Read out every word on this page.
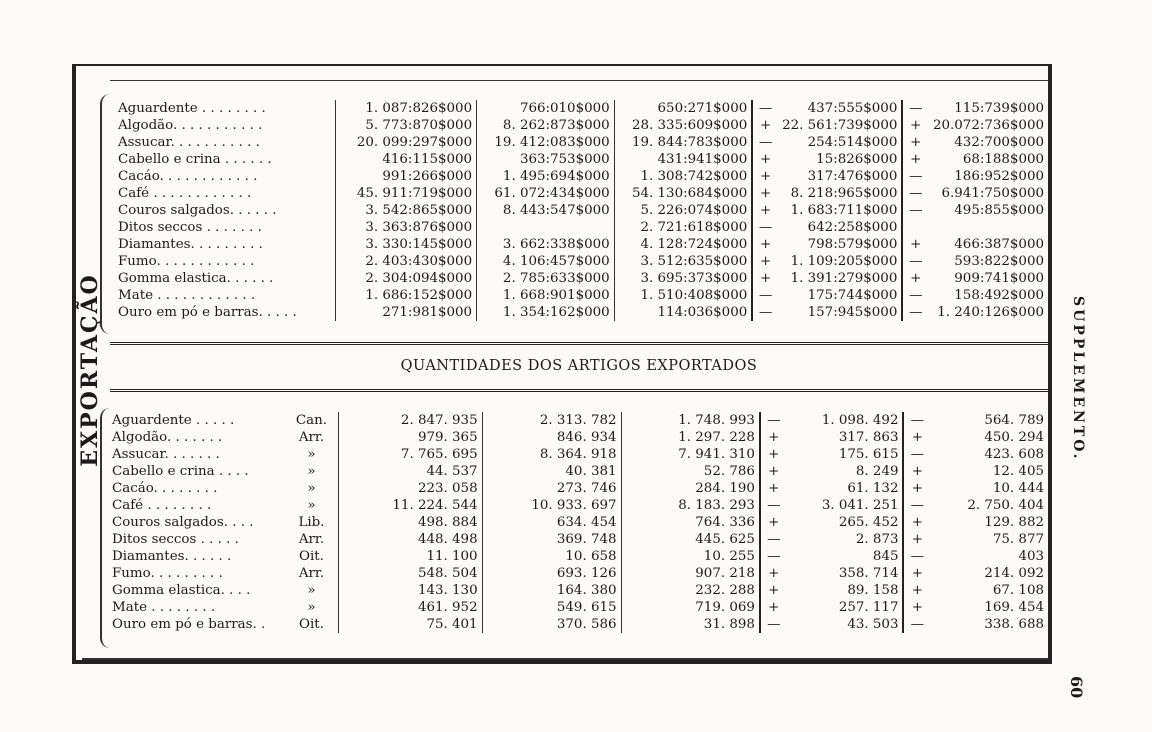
EXPORTAÇÃO
Aguardente . . . . . . . .	1. 087:826$000	766:010$000	650:271$000	—	437:555$000	—	115:739$000
Algodão. . . . . . . . . . .	5. 773:870$000	8. 262:873$000	28. 335:609$000	+	22. 561:739$000	+	20.072:736$000
Assucar. . . . . . . . . . .	20. 099:297$000	19. 412:083$000	19. 844:783$000	—	254:514$000	+	432:700$000
Cabello e crina . . . . . .	416:115$000	363:753$000	431:941$000	+	15:826$000	+	68:188$000
Cacáo. . . . . . . . . . . .	991:266$000	1. 495:694$000	1. 308:742$000	+	317:476$000	—	186:952$000
Café . . . . . . . . . . . .	45. 911:719$000	61. 072:434$000	54. 130:684$000	+	8. 218:965$000	—	6.941:750$000
Couros salgados. . . . . .	3. 542:865$000	8. 443:547$000	5. 226:074$000	+	1. 683:711$000	—	495:855$000
Ditos seccos . . . . . . .	3. 363:876$000		2. 721:618$000	—	642:258$000		
Diamantes. . . . . . . . .	3. 330:145$000	3. 662:338$000	4. 128:724$000	+	798:579$000	+	466:387$000
Fumo. . . . . . . . . . . .	2. 403:430$000	4. 106:457$000	3. 512:635$000	+	1. 109:205$000	—	593:822$000
Gomma elastica. . . . . .	2. 304:094$000	2. 785:633$000	3. 695:373$000	+	1. 391:279$000	+	909:741$000
Mate . . . . . . . . . . . .	1. 686:152$000	1. 668:901$000	1. 510:408$000	—	175:744$000	—	158:492$000
Ouro em pó e barras. . . . .	271:981$000	1. 354:162$000	114:036$000	—	157:945$000	—	1. 240:126$000
QUANTIDADES DOS ARTIGOS EXPORTADOS
Aguardente . . . . .	Can.	2. 847. 935	2. 313. 782	1. 748. 993	—	1. 098. 492	—	564. 789
Algodão. . . . . . .	Arr.	979. 365	846. 934	1. 297. 228	+	317. 863	+	450. 294
Assucar. . . . . . .	»	7. 765. 695	8. 364. 918	7. 941. 310	+	175. 615	—	423. 608
Cabello e crina . . . .	»	44. 537	40. 381	52. 786	+	8. 249	+	12. 405
Cacáo. . . . . . . .	»	223. 058	273. 746	284. 190	+	61. 132	+	10. 444
Café . . . . . . . .	»	11. 224. 544	10. 933. 697	8. 183. 293	—	3. 041. 251	—	2. 750. 404
Couros salgados. . . .	Lib.	498. 884	634. 454	764. 336	+	265. 452	+	129. 882
Ditos seccos . . . . .	Arr.	448. 498	369. 748	445. 625	—	2. 873	+	75. 877
Diamantes. . . . . .	Oit.	11. 100	10. 658	10. 255	—	845	—	403
Fumo. . . . . . . . .	Arr.	548. 504	693. 126	907. 218	+	358. 714	+	214. 092
Gomma elastica. . . .	»	143. 130	164. 380	232. 288	+	89. 158	+	67. 108
Mate . . . . . . . .	»	461. 952	549. 615	719. 069	+	257. 117	+	169. 454
Ouro em pó e barras. .	Oit.	75. 401	370. 586	31. 898	—	43. 503	—	338. 688
SUPPLEMENTO.
60
